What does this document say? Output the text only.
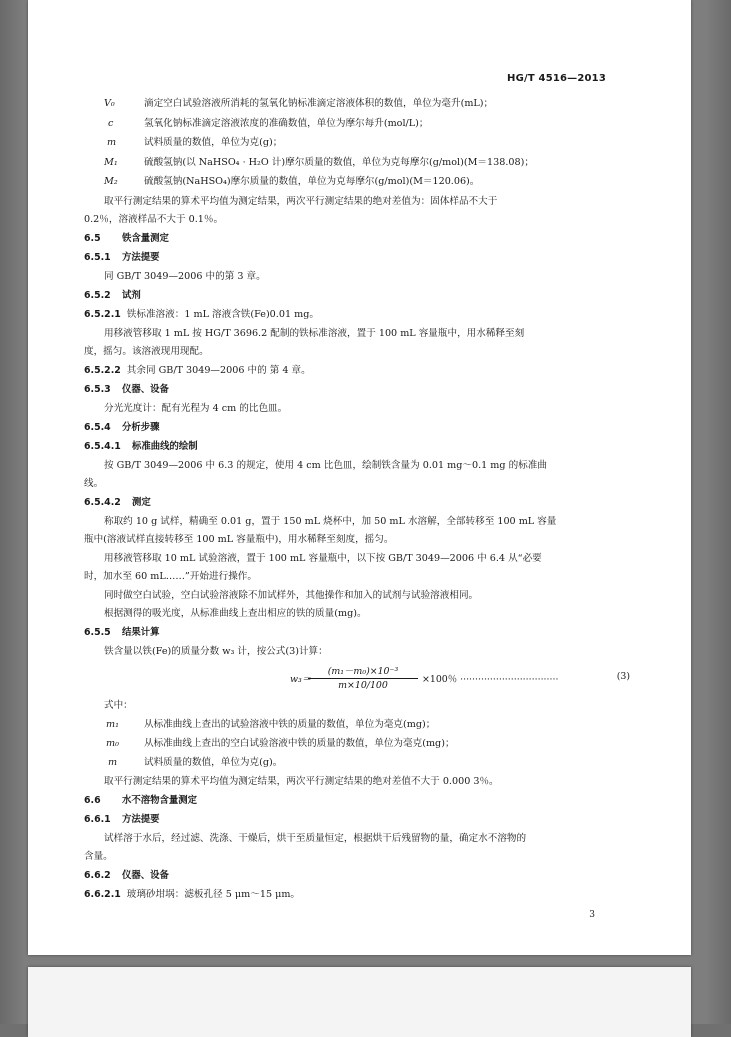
HG/T 4516—2013
V₀	滴定空白试验溶液所消耗的氢氧化钠标准滴定溶液体积的数值，单位为毫升(mL)；
c	氢氧化钠标准滴定溶液浓度的准确数值，单位为摩尔每升(mol/L)；
m	试料质量的数值，单位为克(g)；
M₁	硫酸氢钠(以 NaHSO₄ · H₂O 计)摩尔质量的数值，单位为克每摩尔(g/mol)(M＝138.08)；
M₂	硫酸氢钠(NaHSO₄)摩尔质量的数值，单位为克每摩尔(g/mol)(M＝120.06)。
取平行测定结果的算术平均值为测定结果，两次平行测定结果的绝对差值为：固体样品不大于
0.2％，溶液样品不大于 0.1％。
6.5 铁含量测定
6.5.1 方法提要
同 GB/T 3049—2006 中的第 3 章。
6.5.2 试剂
6.5.2.1 铁标准溶液：1 mL 溶液含铁(Fe)0.01 mg。
用移液管移取 1 mL 按 HG/T 3696.2 配制的铁标准溶液，置于 100 mL 容量瓶中，用水稀释至刻
度，摇匀。该溶液现用现配。
6.5.2.2 其余同 GB/T 3049—2006 中的 第 4 章。
6.5.3 仪器、设备
分光光度计：配有光程为 4 cm 的比色皿。
6.5.4 分析步骤
6.5.4.1 标准曲线的绘制
按 GB/T 3049—2006 中 6.3 的规定，使用 4 cm 比色皿，绘制铁含量为 0.01 mg～0.1 mg 的标准曲
线。
6.5.4.2 测定
称取约 10 g 试样，精确至 0.01 g，置于 150 mL 烧杯中，加 50 mL 水溶解，全部转移至 100 mL 容量
瓶中(溶液试样直接转移至 100 mL 容量瓶中)，用水稀释至刻度，摇匀。
用移液管移取 10 mL 试验溶液，置于 100 mL 容量瓶中，以下按 GB/T 3049—2006 中 6.4 从“必要
时，加水至 60 mL……”开始进行操作。
同时做空白试验，空白试验溶液除不加试样外，其他操作和加入的试剂与试验溶液相同。
根据测得的吸光度，从标准曲线上查出相应的铁的质量(mg)。
6.5.5 结果计算
铁含量以铁(Fe)的质量分数 w₃ 计，按公式(3)计算：
w₃＝
$\frac{\text{(m₁－m₀)×10⁻³}}{m\times 10/100} \times 100$％ ·································	(3)
式中：
m₁	从标准曲线上查出的试验溶液中铁的质量的数值，单位为毫克(mg)；
m₀	从标准曲线上查出的空白试验溶液中铁的质量的数值，单位为毫克(mg)；
m	试料质量的数值，单位为克(g)。
取平行测定结果的算术平均值为测定结果，两次平行测定结果的绝对差值不大于 0.000 3％。
6.6 水不溶物含量测定
6.6.1 方法提要
试样溶于水后，经过滤、洗涤、干燥后，烘干至质量恒定，根据烘干后残留物的量，确定水不溶物的
含量。
6.6.2 仪器、设备
6.6.2.1 玻璃砂坩埚：滤板孔径 5 μm～15 μm。
3
